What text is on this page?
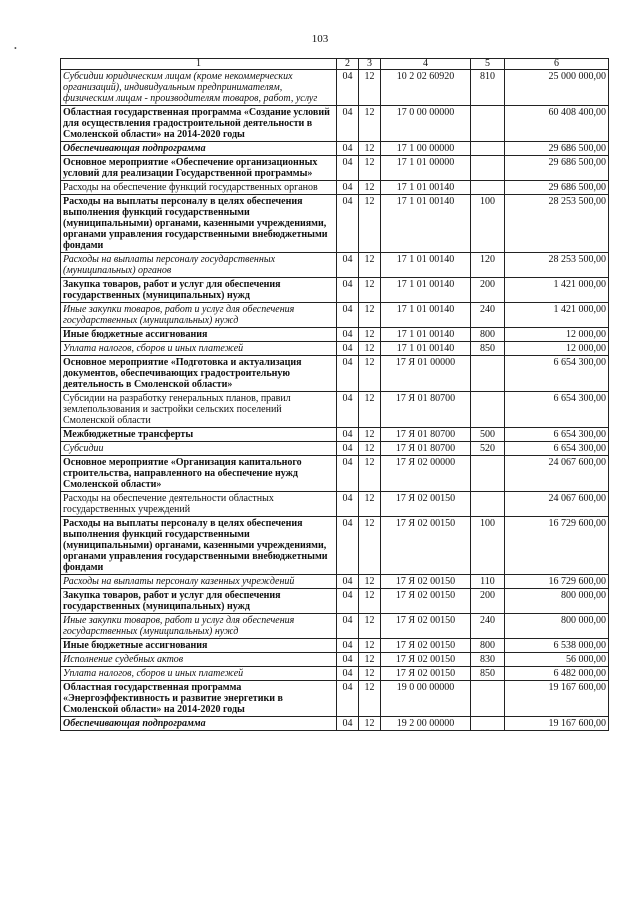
103
•
1	2	3	4	5	6
Субсидии юридическим лицам (кроме некоммерческих организаций), индивидуальным предпринимателям, физическим лицам - производителям товаров, работ, услуг	04	12	10 2 02 60920	810	25 000 000,00
Областная государственная программа «Создание условий для осуществления градостроительной деятельности в Смоленской области» на 2014-2020 годы	04	12	17 0 00 00000		60 408 400,00
Обеспечивающая подпрограмма	04	12	17 1 00 00000		29 686 500,00
Основное мероприятие «Обеспечение организационных условий для реализации Государственной программы»	04	12	17 1 01 00000		29 686 500,00
Расходы на обеспечение функций государственных органов	04	12	17 1 01 00140		29 686 500,00
Расходы на выплаты персоналу в целях обеспечения выполнения функций государственными (муниципальными) органами, казенными учреждениями, органами управления государственными внебюджетными фондами	04	12	17 1 01 00140	100	28 253 500,00
Расходы на выплаты персоналу государственных (муниципальных) органов	04	12	17 1 01 00140	120	28 253 500,00
Закупка товаров, работ и услуг для обеспечения государственных (муниципальных) нужд	04	12	17 1 01 00140	200	1 421 000,00
Иные закупки товаров, работ и услуг для обеспечения государственных (муниципальных) нужд	04	12	17 1 01 00140	240	1 421 000,00
Иные бюджетные ассигнования	04	12	17 1 01 00140	800	12 000,00
Уплата налогов, сборов и иных платежей	04	12	17 1 01 00140	850	12 000,00
Основное мероприятие «Подготовка и актуализация документов, обеспечивающих градостроительную деятельность в Смоленской области»	04	12	17 Я 01 00000		6 654 300,00
Субсидии на разработку генеральных планов, правил землепользования и застройки сельских поселений Смоленской области	04	12	17 Я 01 80700		6 654 300,00
Межбюджетные трансферты	04	12	17 Я 01 80700	500	6 654 300,00
Субсидии	04	12	17 Я 01 80700	520	6 654 300,00
Основное мероприятие «Организация капитального строительства, направленного на обеспечение нужд Смоленской области»	04	12	17 Я 02 00000		24 067 600,00
Расходы на обеспечение деятельности областных государственных учреждений	04	12	17 Я 02 00150		24 067 600,00
Расходы на выплаты персоналу в целях обеспечения выполнения функций государственными (муниципальными) органами, казенными учреждениями, органами управления государственными внебюджетными фондами	04	12	17 Я 02 00150	100	16 729 600,00
Расходы на выплаты персоналу казенных учреждений	04	12	17 Я 02 00150	110	16 729 600,00
Закупка товаров, работ и услуг для обеспечения государственных (муниципальных) нужд	04	12	17 Я 02 00150	200	800 000,00
Иные закупки товаров, работ и услуг для обеспечения государственных (муниципальных) нужд	04	12	17 Я 02 00150	240	800 000,00
Иные бюджетные ассигнования	04	12	17 Я 02 00150	800	6 538 000,00
Исполнение судебных актов	04	12	17 Я 02 00150	830	56 000,00
Уплата налогов, сборов и иных платежей	04	12	17 Я 02 00150	850	6 482 000,00
Областная государственная программа «Энергоэффективность и развитие энергетики в Смоленской области» на 2014-2020 годы	04	12	19 0 00 00000		19 167 600,00
Обеспечивающая подпрограмма	04	12	19 2 00 00000		19 167 600,00
